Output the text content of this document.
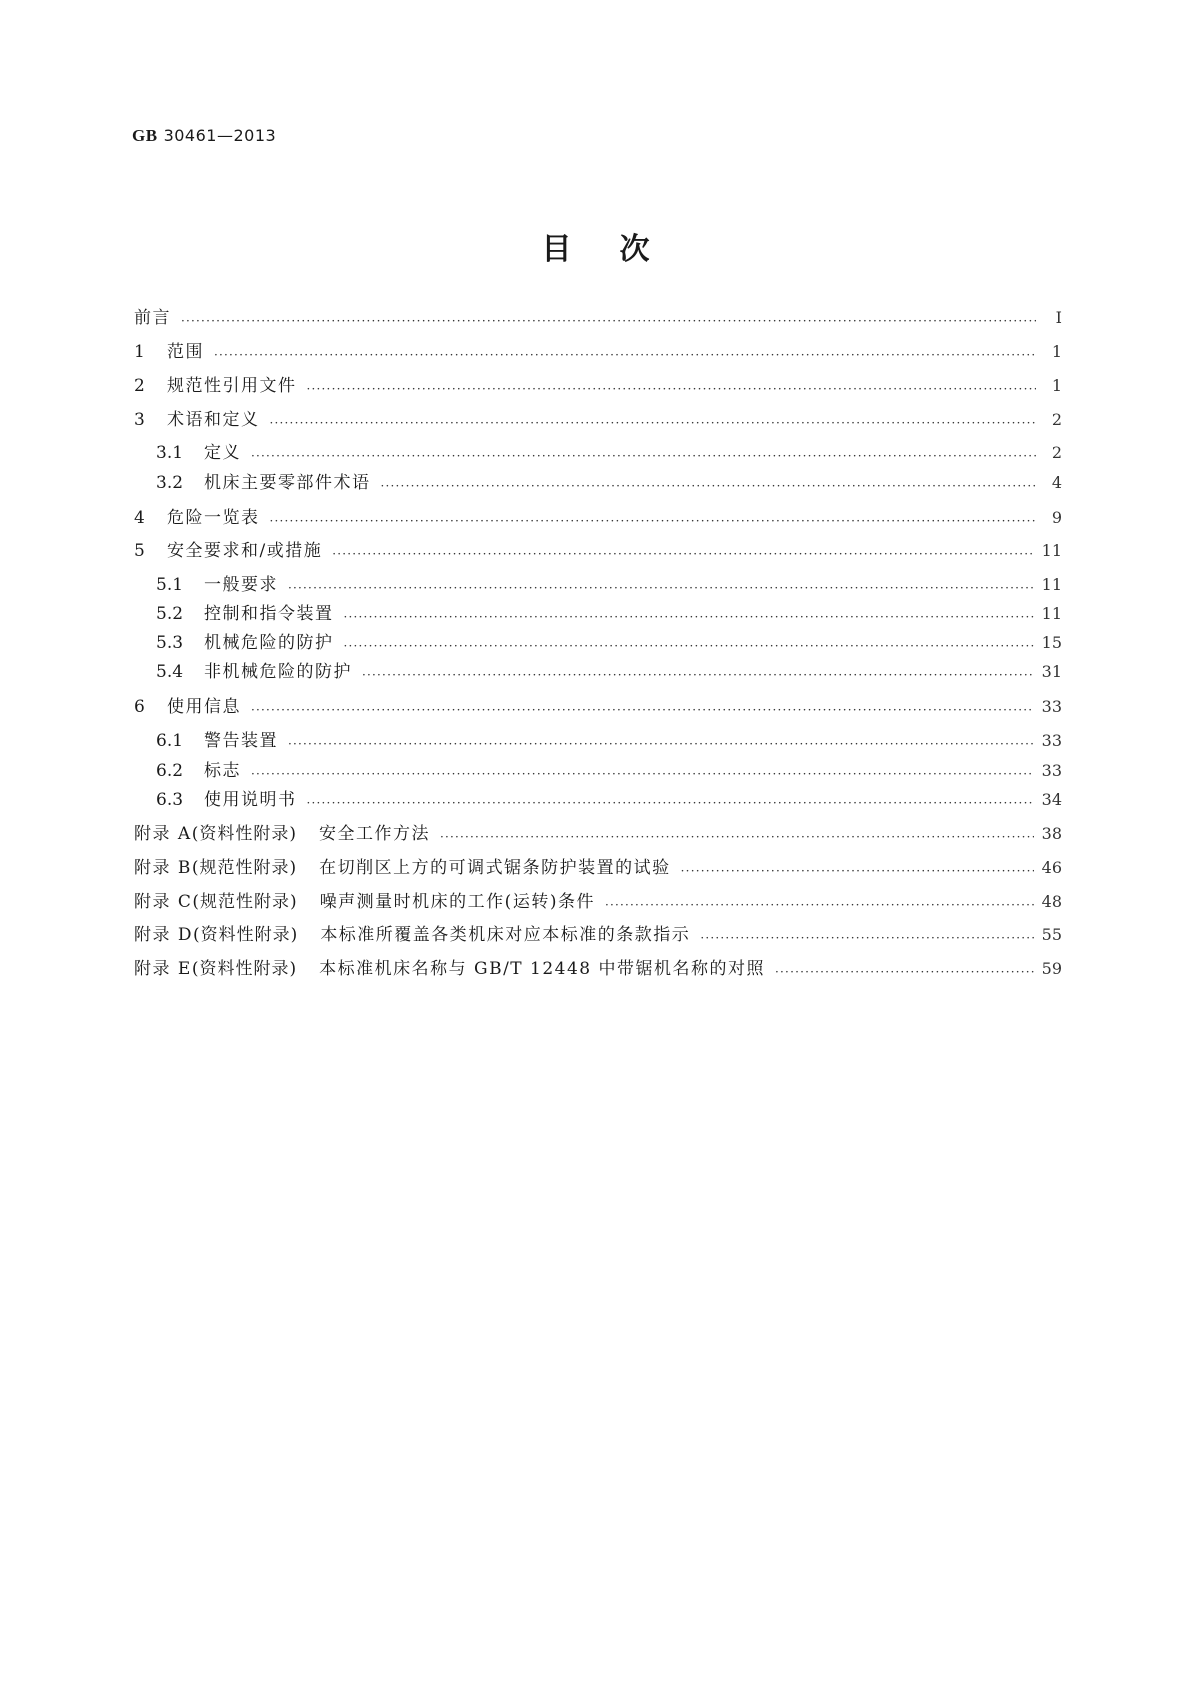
GB 30461—2013
目次
前言 ·····	Ⅰ
1	范围 ·····	1
2	规范性引用文件 ·····	1
3	术语和定义 ·····	2
3.1	定义 ·····	2
3.2	机床主要零部件术语 ·····	4
4	危险一览表 ·····	9
5	安全要求和/或措施 ·····	11
5.1	一般要求 ·····	11
5.2	控制和指令装置 ·····	11
5.3	机械危险的防护 ·····	15
5.4	非机械危险的防护 ·····	31
6	使用信息 ·····	33
6.1	警告装置 ·····	33
6.2	标志 ·····	33
6.3	使用说明书 ·····	34
附录 A (资料性附录) 安全工作方法 ·····	38
附录 B (规范性附录) 在切削区上方的可调式锯条防护装置的试验 ·····	46
附录 C (规范性附录) 噪声测量时机床的工作(运转)条件 ·····	48
附录 D (资料性附录) 本标准所覆盖各类机床对应本标准的条款指示 ·····	55
附录 E (资料性附录) 本标准机床名称与 GB/T 12448 中带锯机名称的对照 ·····	59
